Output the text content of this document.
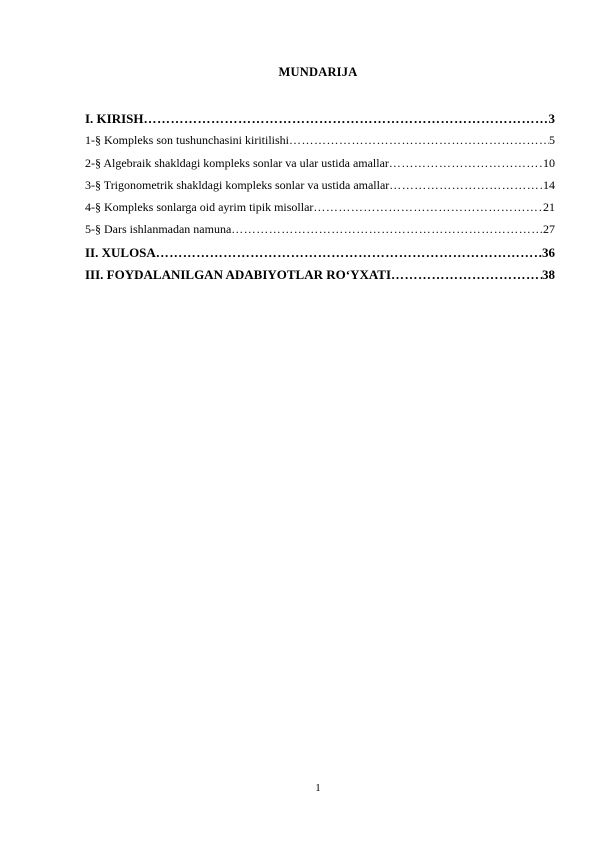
MUNDARIJA
I. KIRISH …………………………………………………………………………………………………………………………………………………………………………………………	3
1-§ Kompleks son tushunchasini kiritilishi …………………………………………………………………………………………………………………………………………………………………………………………	5
2-§ Algebraik shakldagi kompleks sonlar va ular ustida amallar …………………………………………………………………………………………………………………………………………………………………………………………	10
3-§ Trigonometrik shakldagi kompleks sonlar va ustida amallar …………………………………………………………………………………………………………………………………………………………………………………………	14
4-§ Kompleks sonlarga oid ayrim tipik misollar …………………………………………………………………………………………………………………………………………………………………………………………	21
5-§ Dars ishlanmadan namuna …………………………………………………………………………………………………………………………………………………………………………………………	27
II. XULOSA …………………………………………………………………………………………………………………………………………………………………………………………	36
III. FOYDALANILGAN ADABIYOTLAR RO‘YXATI …………………………………………………………………………………………………………………………………………………………………………………………	38
1
